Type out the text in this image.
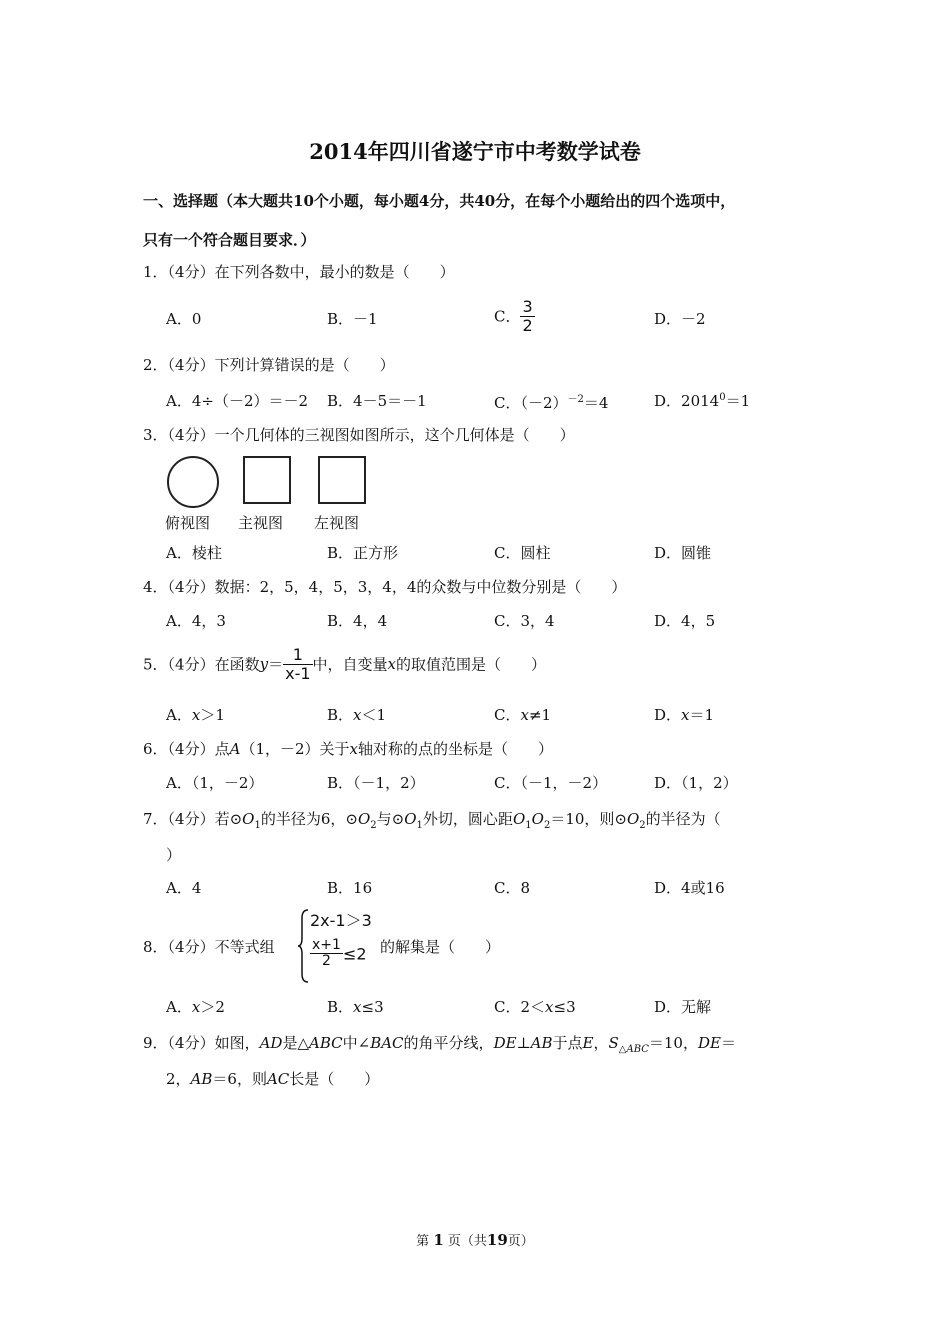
2014年四川省遂宁市中考数学试卷
一、选择题（本大题共10个小题，每小题4分，共40分，在每个小题给出的四个选项中，
只有一个符合题目要求．）
1．（4分）在下列各数中，最小的数是（　　）
A．0	B．－1	C． $\frac{3}{2}$	D．－2
2．（4分）下列计算错误的是（　　）
A．4÷（－2）＝－2 B．4－5＝－1	C．$(-2)^{-2}=4$	D．$2014^0=1$
3．（4分）一个几何体的三视图如图所示，这个几何体是（　　）
俯视图 主视图 左视图
A．棱柱	B．正方形	C．圆柱	D．圆锥
4．（4分）数据：2，5，4，5，3，4，4的众数与中位数分别是（　　）
A．4，3	B．4，4	C．3，4	D．4，5
5．（4分）在函数$y= \frac{1}{x-1}$ 中，自变量x的取值范围是（　　）
A．x＞1	B．x＜1	C．x≠1	D．x＝1
6．（4分）点A（1，－2）关于x轴对称的点的坐标是（　　）
A．（1，－2）	B．（－1，2）	C．（－1，－2）	D．（1，2）
7．（4分）若$⊙O_1$的半径为6，$⊙O_2$与$⊙O_1$外切，圆心距$O_1O_2=10$，则$⊙O_2$的半径为（
）
A．4	B．16	C．8	D．4或16
8．（4分）不等式组
2x-1＞3
$\frac{x+1}{2} \le 2$ 的解集是（　　）
A．x＞2	B．x≤3	C．2＜x≤3	D．无解
9．（4分）如图，AD是△ABC中∠BAC的角平分线，DE⊥AB于点E，$S_{\triangle ABC}=10$，DE＝
2，AB＝6，则AC长是（　　）
第 1 页（共19页）
